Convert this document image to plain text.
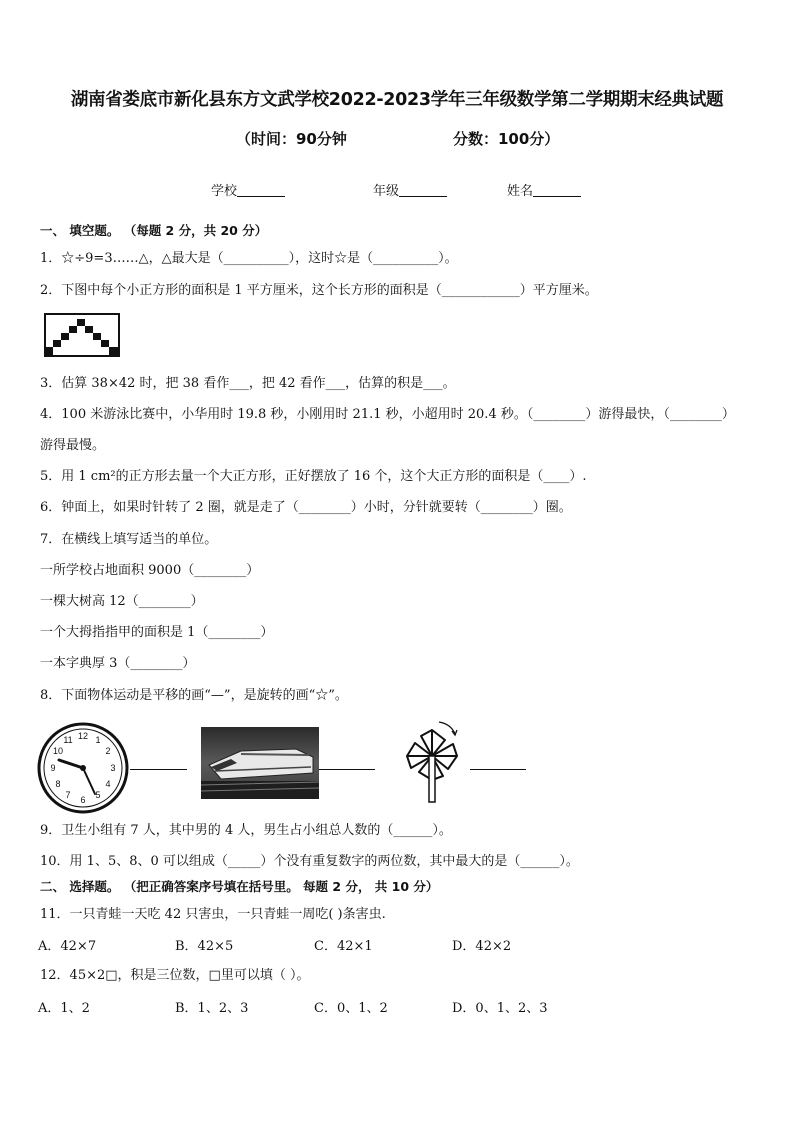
湖南省娄底市新化县东方文武学校2022-2023学年三年级数学第二学期期末经典试题
（时间：90分钟	分数：100分）
学校	年级	姓名
一、 填空题。 （每题 2 分，共 20 分）
1．☆÷9=3……△，△最大是（__________），这时☆是（__________）。
2．下图中每个小正方形的面积是 1 平方厘米，这个长方形的面积是（____________）平方厘米。
3．估算 38×42 时，把 38 看作___，把 42 看作___，估算的积是___。
4．100 米游泳比赛中，小华用时 19.8 秒，小刚用时 21.1 秒，小超用时 20.4 秒。（________）游得最快，（________）
游得最慢。
5．用 1 cm²的正方形去量一个大正方形，正好摆放了 16 个，这个大正方形的面积是（____）.
6．钟面上，如果时针转了 2 圈，就是走了（________）小时，分针就要转（________）圈。
7．在横线上填写适当的单位。
一所学校占地面积 9000（________）
一棵大树高 12（________）
一个大拇指指甲的面积是 1（________）
一本字典厚 3（________）
8．下面物体运动是平移的画“—”，是旋转的画“☆”。
12 1
2
3
4
5
6
7
8
9
10
11
9．卫生小组有 7 人，其中男的 4 人，男生占小组总人数的（______）。
10．用 1、5、8、0 可以组成（_____）个没有重复数字的两位数，其中最大的是（______）。
二、 选择题。 （把正确答案序号填在括号里。 每题 2 分， 共 10 分）
11．一只青蛙一天吃 42 只害虫，一只青蛙一周吃( )条害虫.
A．42×7	B．42×5	C．42×1	D．42×2
12．45×2□，积是三位数，□里可以填（ ）。
A．1、2	B．1、2、3	C．0、1、2	D．0、1、2、3
